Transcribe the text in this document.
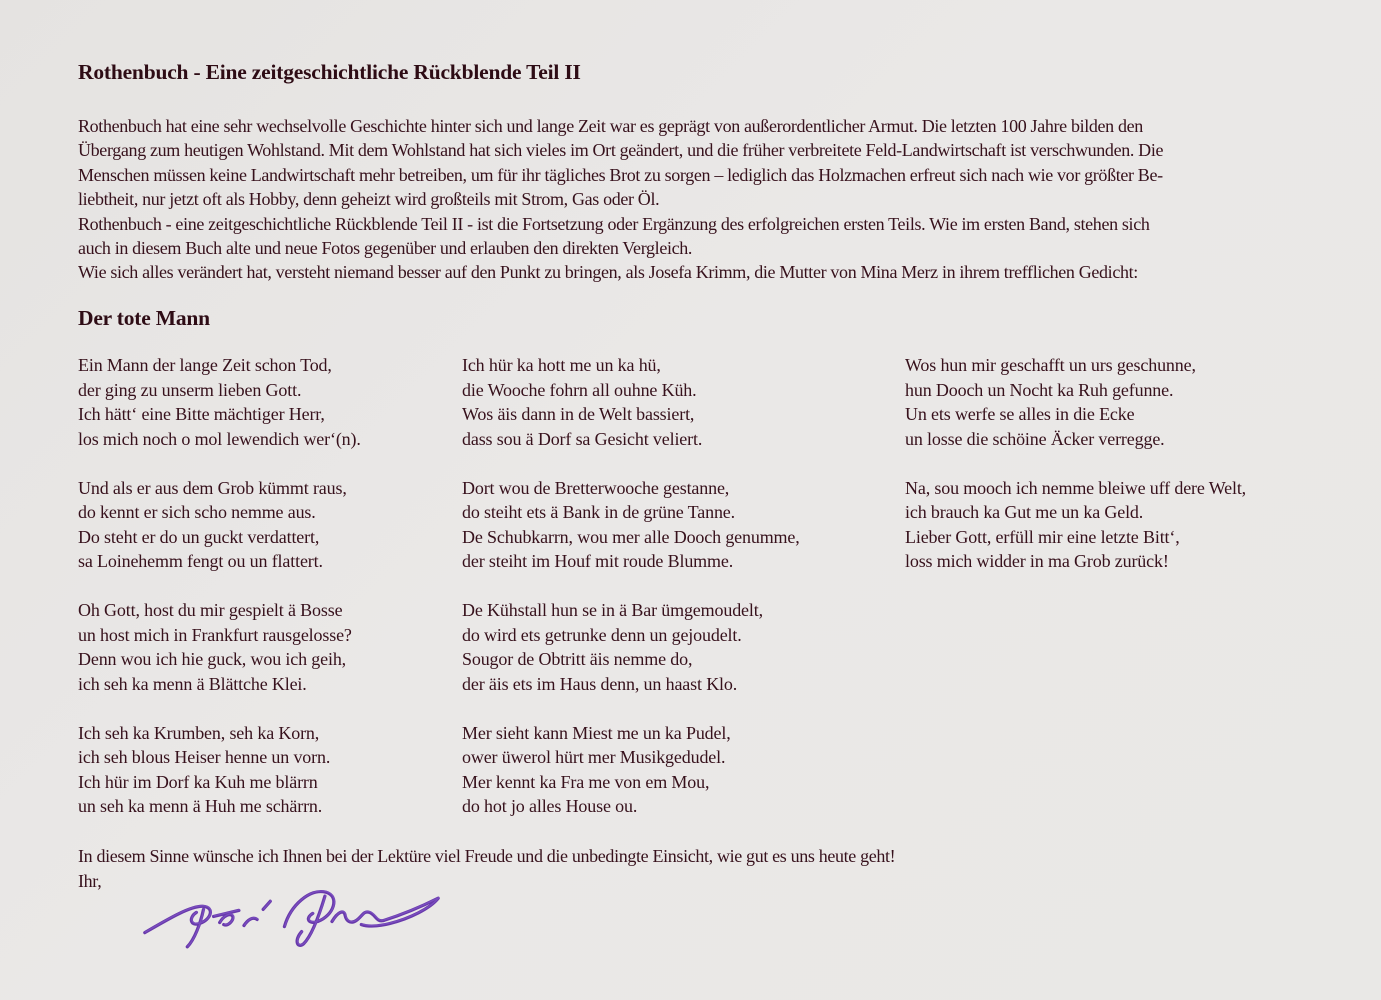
Rothenbuch - Eine zeitgeschichtliche Rückblende Teil II
Rothenbuch hat eine sehr wechselvolle Geschichte hinter sich und lange Zeit war es geprägt von außerordentlicher Armut. Die letzten 100 Jahre bilden den
Übergang zum heutigen Wohlstand. Mit dem Wohlstand hat sich vieles im Ort geändert, und die früher verbreitete Feld-Landwirtschaft ist verschwunden. Die
Menschen müssen keine Landwirtschaft mehr betreiben, um für ihr tägliches Brot zu sorgen – lediglich das Holzmachen erfreut sich nach wie vor größter Be-
liebtheit, nur jetzt oft als Hobby, denn geheizt wird großteils mit Strom, Gas oder Öl.
Rothenbuch - eine zeitgeschichtliche Rückblende Teil II - ist die Fortsetzung oder Ergänzung des erfolgreichen ersten Teils. Wie im ersten Band, stehen sich
auch in diesem Buch alte und neue Fotos gegenüber und erlauben den direkten Vergleich.
Wie sich alles verändert hat, versteht niemand besser auf den Punkt zu bringen, als Josefa Krimm, die Mutter von Mina Merz in ihrem trefflichen Gedicht:
Der tote Mann
Ein Mann der lange Zeit schon Tod,
der ging zu unserm lieben Gott.
Ich hätt‘ eine Bitte mächtiger Herr,
los mich noch o mol lewendich wer‘(n).
Und als er aus dem Grob kümmt raus,
do kennt er sich scho nemme aus.
Do steht er do un guckt verdattert,
sa Loinehemm fengt ou un flattert.
Oh Gott, host du mir gespielt ä Bosse
un host mich in Frankfurt rausgelosse?
Denn wou ich hie guck, wou ich geih,
ich seh ka menn ä Blättche Klei.
Ich seh ka Krumben, seh ka Korn,
ich seh blous Heiser henne un vorn.
Ich hür im Dorf ka Kuh me blärrn
un seh ka menn ä Huh me schärrn.
Ich hür ka hott me un ka hü,
die Wooche fohrn all ouhne Küh.
Wos äis dann in de Welt bassiert,
dass sou ä Dorf sa Gesicht veliert.
Dort wou de Bretterwooche gestanne,
do steiht ets ä Bank in de grüne Tanne.
De Schubkarrn, wou mer alle Dooch genumme,
der steiht im Houf mit roude Blumme.
De Kühstall hun se in ä Bar ümgemoudelt,
do wird ets getrunke denn un gejoudelt.
Sougor de Obtritt äis nemme do,
der äis ets im Haus denn, un haast Klo.
Mer sieht kann Miest me un ka Pudel,
ower üwerol hürt mer Musikgedudel.
Mer kennt ka Fra me von em Mou,
do hot jo alles House ou.
Wos hun mir geschafft un urs geschunne,
hun Dooch un Nocht ka Ruh gefunne.
Un ets werfe se alles in die Ecke
un losse die schöine Äcker verregge.
Na, sou mooch ich nemme bleiwe uff dere Welt,
ich brauch ka Gut me un ka Geld.
Lieber Gott, erfüll mir eine letzte Bitt‘,
loss mich widder in ma Grob zurück!
In diesem Sinne wünsche ich Ihnen bei der Lektüre viel Freude und die unbedingte Einsicht, wie gut es uns heute geht!
Ihr,
